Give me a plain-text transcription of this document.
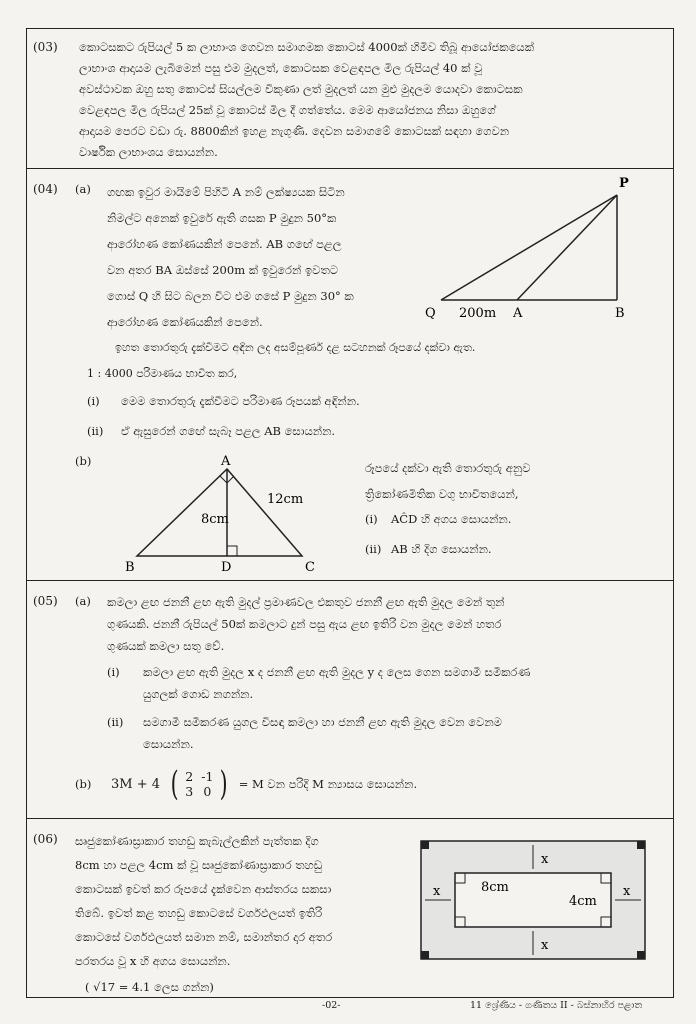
(03) කොටසකට රුපියල් 5 ක ලාභාංශ ගෙවන සමාගමක කොටස් 4000ක් හිමිව තිබූ ආයෝජකයෙක්
ලාභාංශ ආදායම ලැබීමෙන් පසු එම මුදලත්, කොටසක වෙළඳපල මිල රුපියල් 40 ක් වූ
අවස්ථාවක ඔහු සතු කොටස් සියල්ලම විකුණා ලත් මුදලත් යන මුළු මුදලම යොදවා කොටසක
වෙළඳපල මිල රුපියල් 25ක් වූ කොටස් මිල දී ගත්තේය. මෙම ආයෝජනය නිසා ඔහුගේ
ආදායම පෙරට වඩා රු. 8800කින් ඉහළ නැගුණි. දෙවන සමාගමේ කොටසක් සඳහා ගෙවන
වාර්ෂික ලාභාංශය සොයන්න.
(04) (a) ගඟක ඉවුර මායිමේ පිහිටි A නම් ලක්ෂ්‍යයක සිටින
නිමල්ට අනෙක් ඉවුරේ ඇති ගසක P මුදුන 50°ක
ආරෝහණ කෝණයකින් පෙනේ. AB ගඟේ පළල
වන අතර BA ඔස්සේ 200m ක් ඉවුරෙන් ඉවතට
ගොස් Q හි සිට බලන විට එම ගසේ P මුදුන 30° ක
ආරෝහණ කෝණයකින් පෙනේ.
P
Q 200m A	B
ඉහත තොරතුරු දැක්වීමට අඳින ලද අසම්පූර්ණ දළ සටහනක් රූපයේ දක්වා ඇත.
1 : 4000 පරිමාණය භාවිත කර,
(i) මෙම තොරතුරු දැක්වීමට පරිමාණ රූපයක් අඳින්න.
(ii) ඒ ඇසුරෙන් ගඟේ සැබෑ පළල AB සොයන්න.
(b)	A
B	D	C
12cm
8cm
රූපයේ දක්වා ඇති තොරතුරු අනුව
ත්‍රිකෝණමිතික වගු භාවිතයෙන්,
(i) AĈD හි අගය සොයන්න.
(ii) AB හි දිග සොයන්න.
(05) (a) කමලා ළඟ ජනනී ළඟ ඇති මුදල් ප්‍රමාණවල එකතුව ජනනී ළඟ ඇති මුදල මෙන් තුන්
ගුණයකි. ජනනී රුපියල් 50ක් කමලාට දුන් පසු ඇය ළඟ ඉතිරි වන මුදල මෙන් හතර
ගුණයක් කමලා සතු වේ.
(i) කමලා ළඟ ඇති මුදල x ද ජනනී ළඟ ඇති මුදල y ද ලෙස ගෙන සමගාමී සමීකරණ
යුගලක් ගොඩ නගන්න.
(ii) සමගාමී සමීකරණ යුගල විසඳා කමලා හා ජනනී ළඟ ඇති මුදල වෙන වෙනම
සොයන්න.
(b)	3M + 4 ( 2	-1
3	0 ) = M වන පරිදි M න්‍යාසය සොයන්න.
(06) සෘජුකෝණාස්‍රාකාර තහඩු කැබැල්ලකින් පැත්තක දිග
8cm හා පළල 4cm ක් වූ සෘජුකෝණාස්‍රාකාර තහඩු
කොටසක් ඉවත් කර රූපයේ දැක්වෙන ආස්තරය සකසා
තිබේ. ඉවත් කළ තහඩු කොටසේ වර්ගඵලයත් ඉතිරි
කොටසේ වර්ගඵලයත් සමාන නම්, සමාන්තර දාර අතර
පරතරය වූ x හි අගය සොයන්න.
( √17 = 4.1 ලෙස ගන්න)
x
x
x	x
8cm
4cm
-02-	11 ශ්‍රේණිය - ගණිතය II - බස්නාහිර පළාත
